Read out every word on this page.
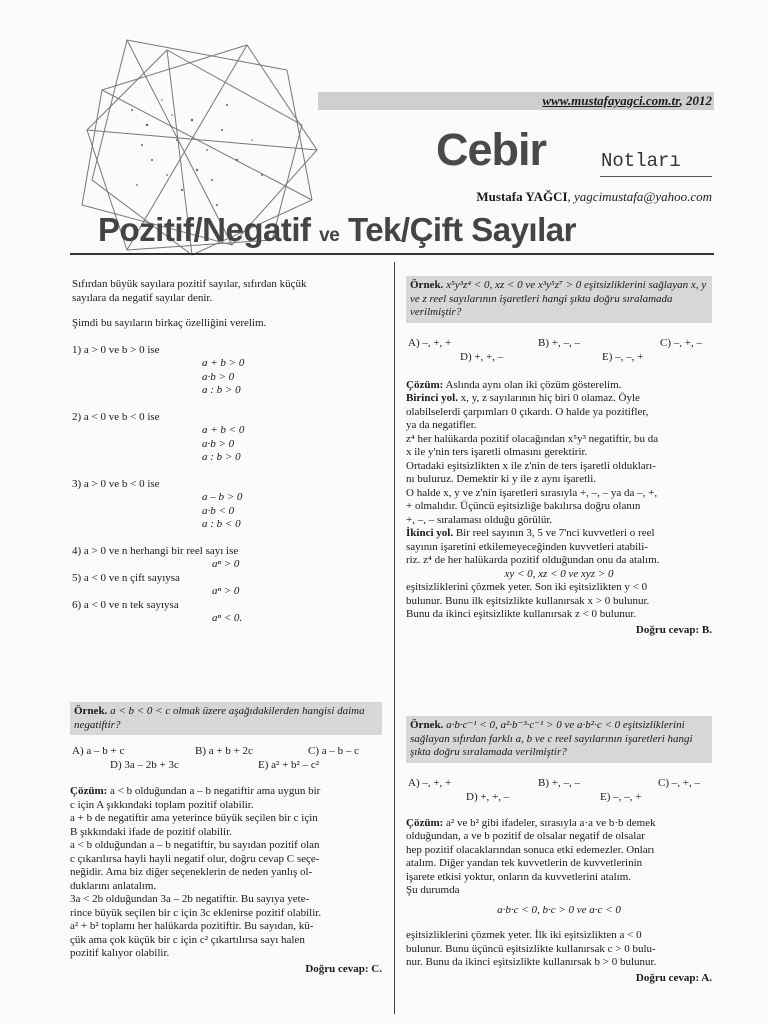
www.mustafayagci.com.tr, 2012
Cebir	Notları
Mustafa YAĞCI, yagcimustafa@yahoo.com
Pozitif/Negatif ve Tek/Çift Sayılar

Sıfırdan büyük sayılara pozitif sayılar, sıfırdan küçük

sayılara da negatif sayılar denir.

Şimdi bu sayıların birkaç özelliğini verelim.

1) a > 0 ve b > 0 ise

a + b > 0

a·b > 0

a : b > 0

2) a < 0 ve b < 0 ise

a + b < 0

a·b > 0

a : b > 0

3) a > 0 ve b < 0 ise

a – b > 0

a·b < 0

a : b < 0

4) a > 0 ve n herhangi bir reel sayı ise

aⁿ > 0

5) a < 0 ve n çift sayıysa

aⁿ > 0

6) a < 0 ve n tek sayıysa

aⁿ < 0.

Örnek. a < b < 0 < c olmak üzere aşağıdakilerden hangisi daima negatiftir?

A) a – b + c	B) a + b + 2c	C) a – b – c
D) 3a – 2b + 3c	E) a² + b² – c²

Çözüm: a < b olduğundan a – b negatiftir ama uygun bir

c için A şıkkındaki toplam pozitif olabilir.

a + b de negatiftir ama yeterince büyük seçilen bir c için

B şıkkındaki ifade de pozitif olabilir.

a < b olduğundan a – b negatiftir, bu sayıdan pozitif olan

c çıkarılırsa hayli hayli negatif olur, doğru cevap C seçe-

neğidir. Ama biz diğer seçeneklerin de neden yanlış ol-

duklarını anlatalım.

3a < 2b olduğundan 3a – 2b negatiftir. Bu sayıya yete-

rince büyük seçilen bir c için 3c eklenirse pozitif olabilir.

a² + b² toplamı her halükarda pozitiftir. Bu sayıdan, kü-

çük ama çok küçük bir c için c² çıkartılırsa sayı halen

pozitif kalıyor olabilir.

Doğru cevap: C.

Örnek. x⁵y³z⁴ < 0, xz < 0 ve x³y⁵z⁷ > 0 eşitsizliklerini sağlayan x, y ve z reel sayılarının işaretleri hangi şıkta doğru sıralamada verilmiştir?

A) –, +, +	B) +, –, –	C) –, +, –
D) +, +, –	E) –, –, +

Çözüm: Aslında aynı olan iki çözüm gösterelim.

Birinci yol. x, y, z sayılarının hiç biri 0 olamaz. Öyle

olabilselerdi çarpımları 0 çıkardı. O halde ya pozitifler,

ya da negatifler.

z⁴ her halükarda pozitif olacağından x⁵y³ negatiftir, bu da

x ile y'nin ters işaretli olmasını gerektirir.

Ortadaki eşitsizlikten x ile z'nin de ters işaretli oldukları-

nı buluruz. Demektir ki y ile z aynı işaretli.

O halde x, y ve z'nin işaretleri sırasıyla +, –, – ya da –, +,

+ olmalıdır. Üçüncü eşitsizliğe bakılırsa doğru olanın

+, –, – sıralaması olduğu görülür.

İkinci yol. Bir reel sayının 3, 5 ve 7'nci kuvvetleri o reel

sayının işaretini etkilemeyeceğinden kuvvetleri atabili-

riz. z⁴ de her halükarda pozitif olduğundan onu da atalım.

xy < 0, xz < 0 ve xyz > 0

eşitsizliklerini çözmek yeter. Son iki eşitsizlikten y < 0

bulunur. Bunu ilk eşitsizlikte kullanırsak x > 0 bulunur.

Bunu da ikinci eşitsizlikte kullanırsak z < 0 bulunur.

Doğru cevap: B.

Örnek. a·b·c⁻¹ < 0, a²·b⁻³·c⁻¹ > 0 ve a·b²·c < 0 eşitsizliklerini sağlayan sıfırdan farklı a, b ve c reel sayılarının işaretleri hangi şıkta doğru sıralamada verilmiştir?

A) –, +, +	B) +, –, –	C) –, +, –
D) +, +, –	E) –, –, +

Çözüm: a² ve b² gibi ifadeler, sırasıyla a·a ve b·b demek

olduğundan, a ve b pozitif de olsalar negatif de olsalar

hep pozitif olacaklarından sonuca etki edemezler. Onları

atalım. Diğer yandan tek kuvvetlerin de kuvvetlerinin

işarete etkisi yoktur, onların da kuvvetlerini atalım.

Şu durumda

a·b·c < 0, b·c > 0 ve a·c < 0

eşitsizliklerini çözmek yeter. İlk iki eşitsizlikten a < 0

bulunur. Bunu üçüncü eşitsizlikte kullanırsak c > 0 bulu-

nur. Bunu da ikinci eşitsizlikte kullanırsak b > 0 bulunur.

Doğru cevap: A.
